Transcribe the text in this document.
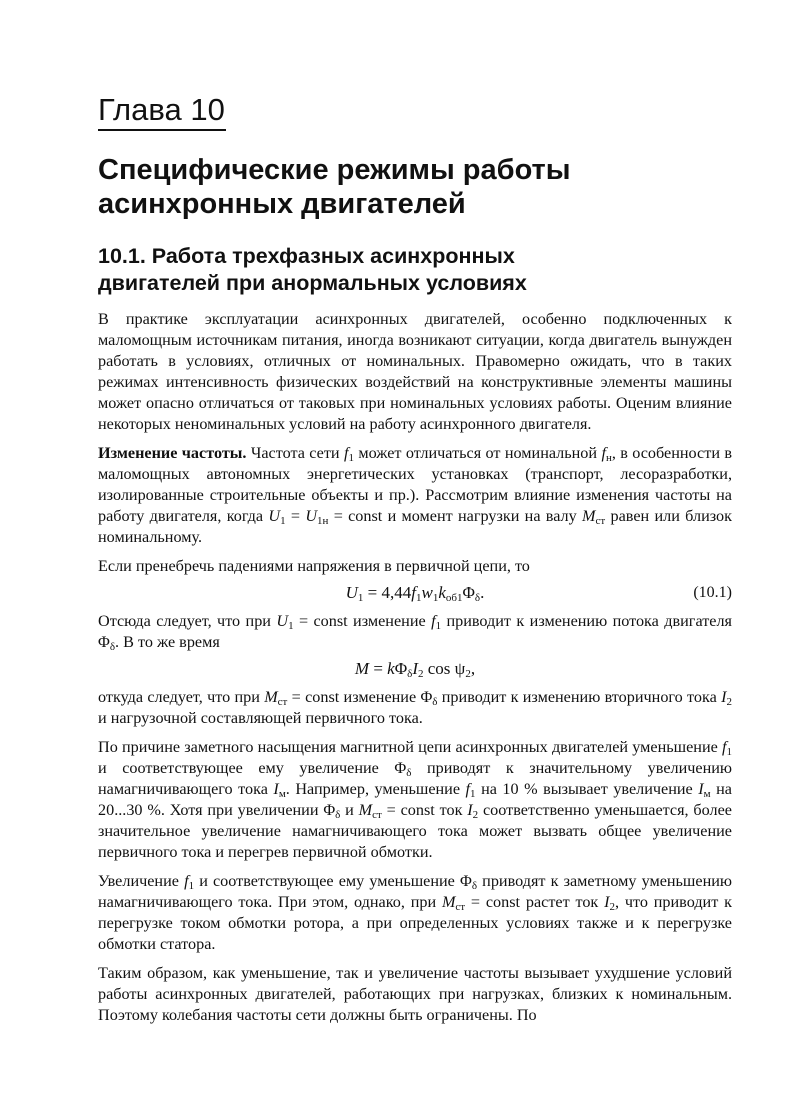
Глава 10
Специфические режимы работы
асинхронных двигателей
10.1. Работа трехфазных асинхронных
двигателей при анормальных условиях

В практике эксплуатации асинхронных двигателей, особенно подключенных к маломощным источникам питания, иногда возникают ситуации, когда двигатель вынужден работать в условиях, отличных от номинальных. Правомерно ожидать, что в таких режимах интенсивность физических воздействий на конструктивные элементы машины может опасно отличаться от таковых при номинальных условиях работы. Оценим влияние некоторых неноминальных условий на работу асинхронного двигателя.

Изменение частоты. Частота сети $f_1$ может отличаться от номинальной $f_н$, в особенности в маломощных автономных энергетических установках (транспорт, лесоразработки, изолированные строительные объекты и пр.). Рассмотрим влияние изменения частоты на работу двигателя, когда $U_1 = U_{1н}$ = const и момент нагрузки на валу $M_{ст}$ равен или близок номинальному.

Если пренебречь падениями напряжения в первичной цепи, то

$U_1 = 4,44f_1w_1k_{об1}\Phi_\delta$.	(10.1)

Отсюда следует, что при $U_1$ = const изменение $f_1$ приводит к изменению потока двигателя $\Phi_\delta$. В то же время

$M = k\Phi_\delta I_2$ $\cos \psi_2$,

откуда следует, что при $M_{ст}$ = const изменение $\Phi_\delta$ приводит к изменению вторичного тока $I_2$ и нагрузочной составляющей первичного тока.

По причине заметного насыщения магнитной цепи асинхронных двигателей уменьшение $f_1$ и соответствующее ему увеличение $\Phi_\delta$ приводят к значительному увеличению намагничивающего тока $I_м$. Например, уменьшение $f_1$ на 10 % вызывает увеличение $I_м$ на 20...30 %. Хотя при увеличении $\Phi_\delta$ и $M_{ст}$ = const ток $I_2$ соответственно уменьшается, более значительное увеличение намагничивающего тока может вызвать общее увеличение первичного тока и перегрев первичной обмотки.

Увеличение $f_1$ и соответствующее ему уменьшение $\Phi_\delta$ приводят к заметному уменьшению намагничивающего тока. При этом, однако, при $M_{ст}$ = const растет ток $I_2$, что приводит к перегрузке током обмотки ротора, а при определенных условиях также и к перегрузке обмотки статора.

Таким образом, как уменьшение, так и увеличение частоты вызывает ухудшение условий работы асинхронных двигателей, работающих при нагрузках, близких к номинальным. Поэтому колебания частоты сети должны быть ограничены. По
